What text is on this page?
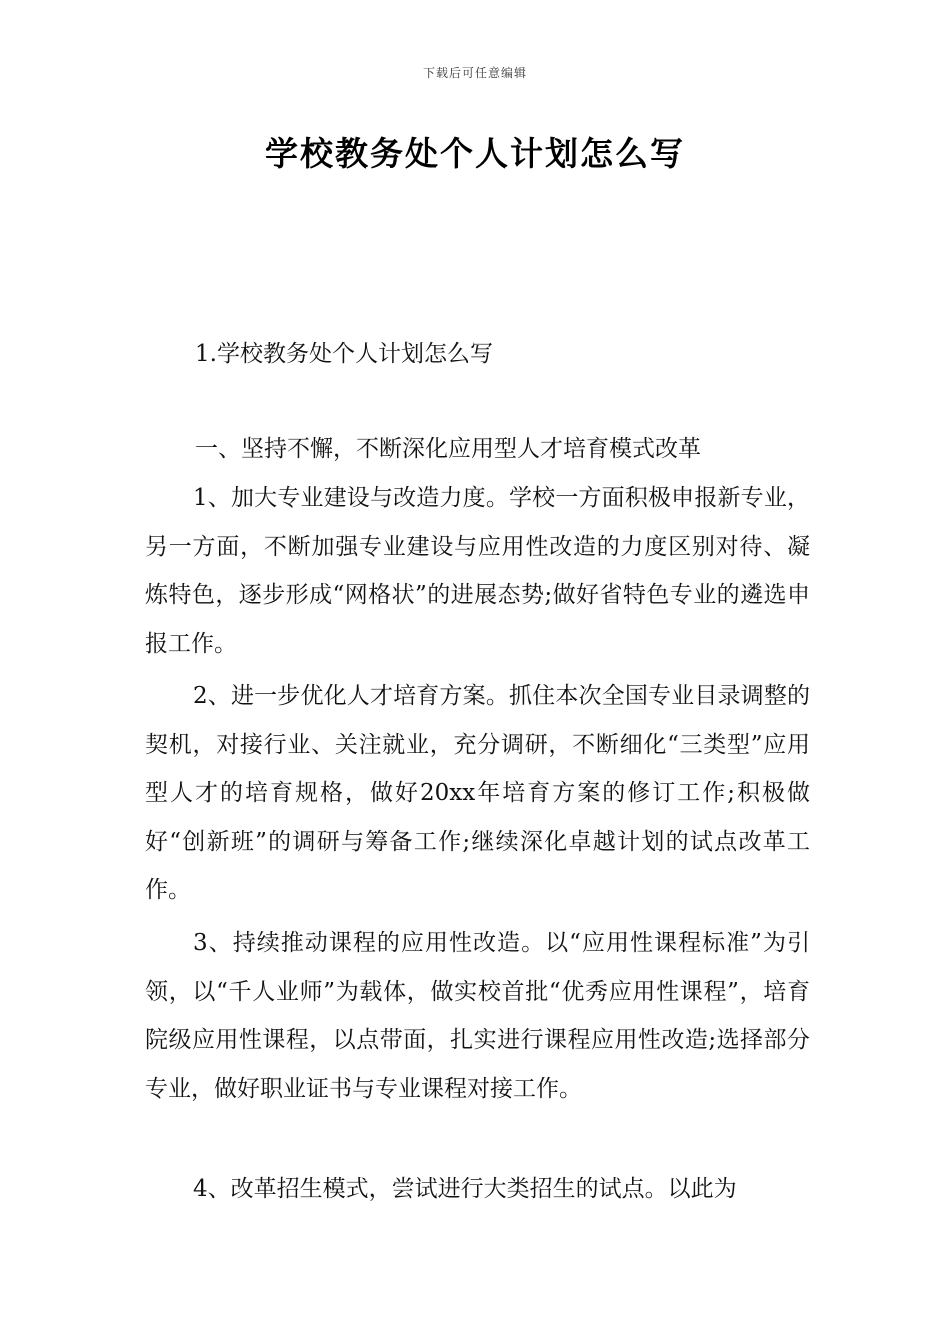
下载后可任意编辑
学校教务处个人计划怎么写
1.学校教务处个人计划怎么写
一、坚持不懈，不断深化应用型人才培育模式改革

1、加大专业建设与改造力度。学校一方面积极申报新专业，另一方面，不断加强专业建设与应用性改造的力度区别对待、凝炼特色，逐步形成“网格状”的进展态势;做好省特色专业的遴选申报工作。

2、进一步优化人才培育方案。抓住本次全国专业目录调整的契机，对接行业、关注就业，充分调研，不断细化“三类型”应用型人才的培育规格，做好20xx年培育方案的修订工作;积极做好“创新班”的调研与筹备工作;继续深化卓越计划的试点改革工作。

3、持续推动课程的应用性改造。以“应用性课程标准”为引领，以“千人业师”为载体，做实校首批“优秀应用性课程”，培育院级应用性课程，以点带面，扎实进行课程应用性改造;选择部分专业，做好职业证书与专业课程对接工作。

4、改革招生模式，尝试进行大类招生的试点。以此为
